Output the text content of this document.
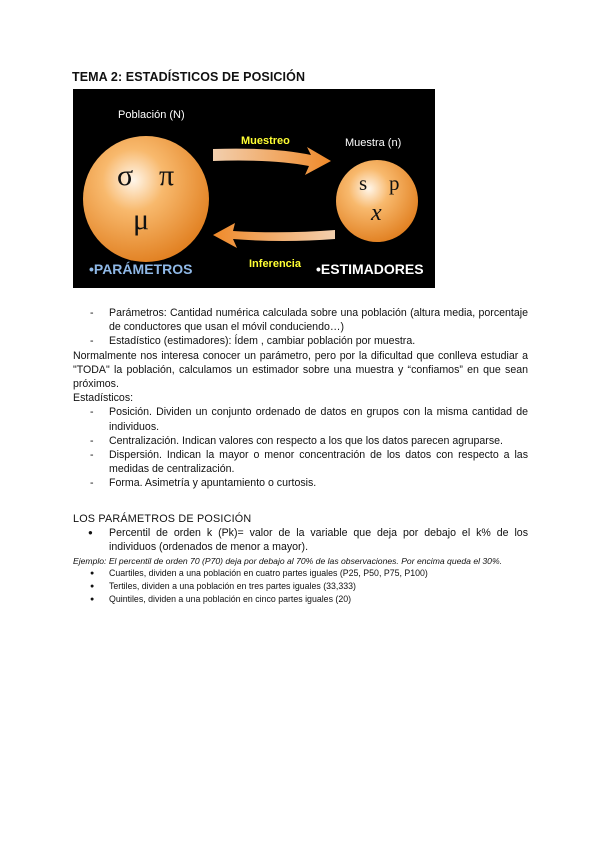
TEMA 2: ESTADÍSTICOS DE POSICIÓN
Población (N)
σ π
μ
Muestra (n)
s p
x
Muestreo
Inferencia
•PARÁMETROS	•ESTIMADORES
- Parámetros: Cantidad numérica calculada sobre una población (altura media, porcentaje de conductores que usan el móvil conduciendo…)
- Estadístico (estimadores): Ídem , cambiar población por muestra.

Normalmente nos interesa conocer un parámetro, pero por la dificultad que conlleva estudiar a "TODA" la población, calculamos un estimador sobre una muestra y “confiamos” en que sean próximos.

Estadísticos:

- Posición. Dividen un conjunto ordenado de datos en grupos con la misma cantidad de individuos.
- Centralización. Indican valores con respecto a los que los datos parecen agruparse.
- Dispersión. Indican la mayor o menor concentración de los datos con respecto a las medidas de centralización.
- Forma. Asimetría y apuntamiento o curtosis.

LOS PARÁMETROS DE POSICIÓN

● Percentil de orden k (Pk)= valor de la variable que deja por debajo el k% de los individuos (ordenados de menor a mayor).

Ejemplo: El percentil de orden 70 (P70) deja por debajo al 70% de las observaciones. Por encima queda el 30%.

● Cuartiles, dividen a una población en cuatro partes iguales (P25, P50, P75, P100)
● Tertiles, dividen a una población en tres partes iguales (33,333)
● Quintiles, dividen a una población en cinco partes iguales (20)
